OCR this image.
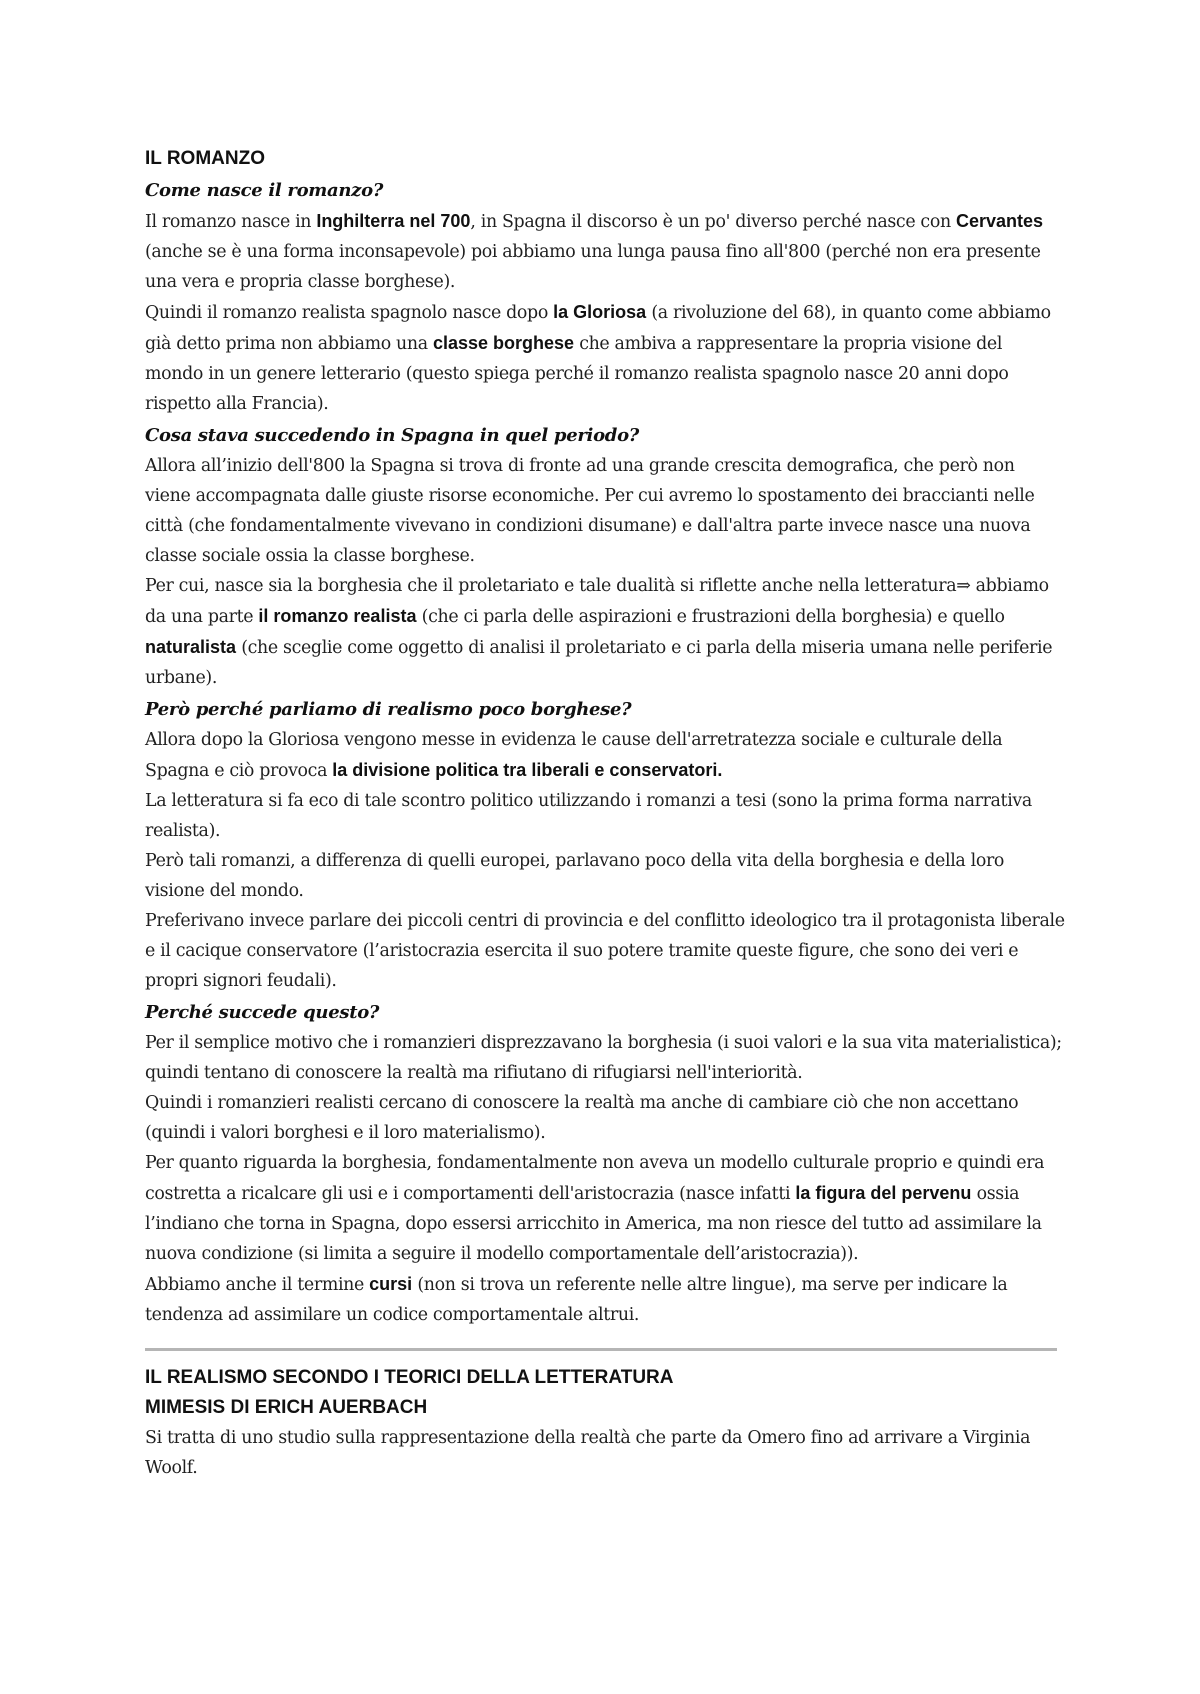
IL ROMANZO
Come nasce il romanzo?

Il romanzo nasce in Inghilterra nel 700, in Spagna il discorso è un po' diverso perché nasce con Cervantes (anche se è una forma inconsapevole) poi abbiamo una lunga pausa fino all'800 (perché non era presente una vera e propria classe borghese).

Quindi il romanzo realista spagnolo nasce dopo la Gloriosa (a rivoluzione del 68), in quanto come abbiamo già detto prima non abbiamo una classe borghese che ambiva a rappresentare la propria visione del mondo in un genere letterario (questo spiega perché il romanzo realista spagnolo nasce 20 anni dopo rispetto alla Francia).

Cosa stava succedendo in Spagna in quel periodo?

Allora all’inizio dell'800 la Spagna si trova di fronte ad una grande crescita demografica, che però non viene accompagnata dalle giuste risorse economiche. Per cui avremo lo spostamento dei braccianti nelle città (che fondamentalmente vivevano in condizioni disumane) e dall'altra parte invece nasce una nuova classe sociale ossia la classe borghese.

Per cui, nasce sia la borghesia che il proletariato e tale dualità si riflette anche nella letteratura⇒ abbiamo da una parte il romanzo realista (che ci parla delle aspirazioni e frustrazioni della borghesia) e quello naturalista (che sceglie come oggetto di analisi il proletariato e ci parla della miseria umana nelle periferie urbane).

Però perché parliamo di realismo poco borghese?

Allora dopo la Gloriosa vengono messe in evidenza le cause dell'arretratezza sociale e culturale della Spagna e ciò provoca la divisione politica tra liberali e conservatori.

La letteratura si fa eco di tale scontro politico utilizzando i romanzi a tesi (sono la prima forma narrativa realista).

Però tali romanzi, a differenza di quelli europei, parlavano poco della vita della borghesia e della loro visione del mondo.

Preferivano invece parlare dei piccoli centri di provincia e del conflitto ideologico tra il protagonista liberale e il cacique conservatore (l’aristocrazia esercita il suo potere tramite queste figure, che sono dei veri e propri signori feudali).

Perché succede questo?

Per il semplice motivo che i romanzieri disprezzavano la borghesia (i suoi valori e la sua vita materialistica); quindi tentano di conoscere la realtà ma rifiutano di rifugiarsi nell'interiorità.

Quindi i romanzieri realisti cercano di conoscere la realtà ma anche di cambiare ciò che non accettano (quindi i valori borghesi e il loro materialismo).

Per quanto riguarda la borghesia, fondamentalmente non aveva un modello culturale proprio e quindi era costretta a ricalcare gli usi e i comportamenti dell'aristocrazia (nasce infatti la figura del pervenu ossia l’indiano che torna in Spagna, dopo essersi arricchito in America, ma non riesce del tutto ad assimilare la nuova condizione (si limita a seguire il modello comportamentale dell’aristocrazia)).

Abbiamo anche il termine cursi (non si trova un referente nelle altre lingue), ma serve per indicare la tendenza ad assimilare un codice comportamentale altrui.

IL REALISMO SECONDO I TEORICI DELLA LETTERATURA
MIMESIS DI ERICH AUERBACH

Si tratta di uno studio sulla rappresentazione della realtà che parte da Omero fino ad arrivare a Virginia Woolf.
